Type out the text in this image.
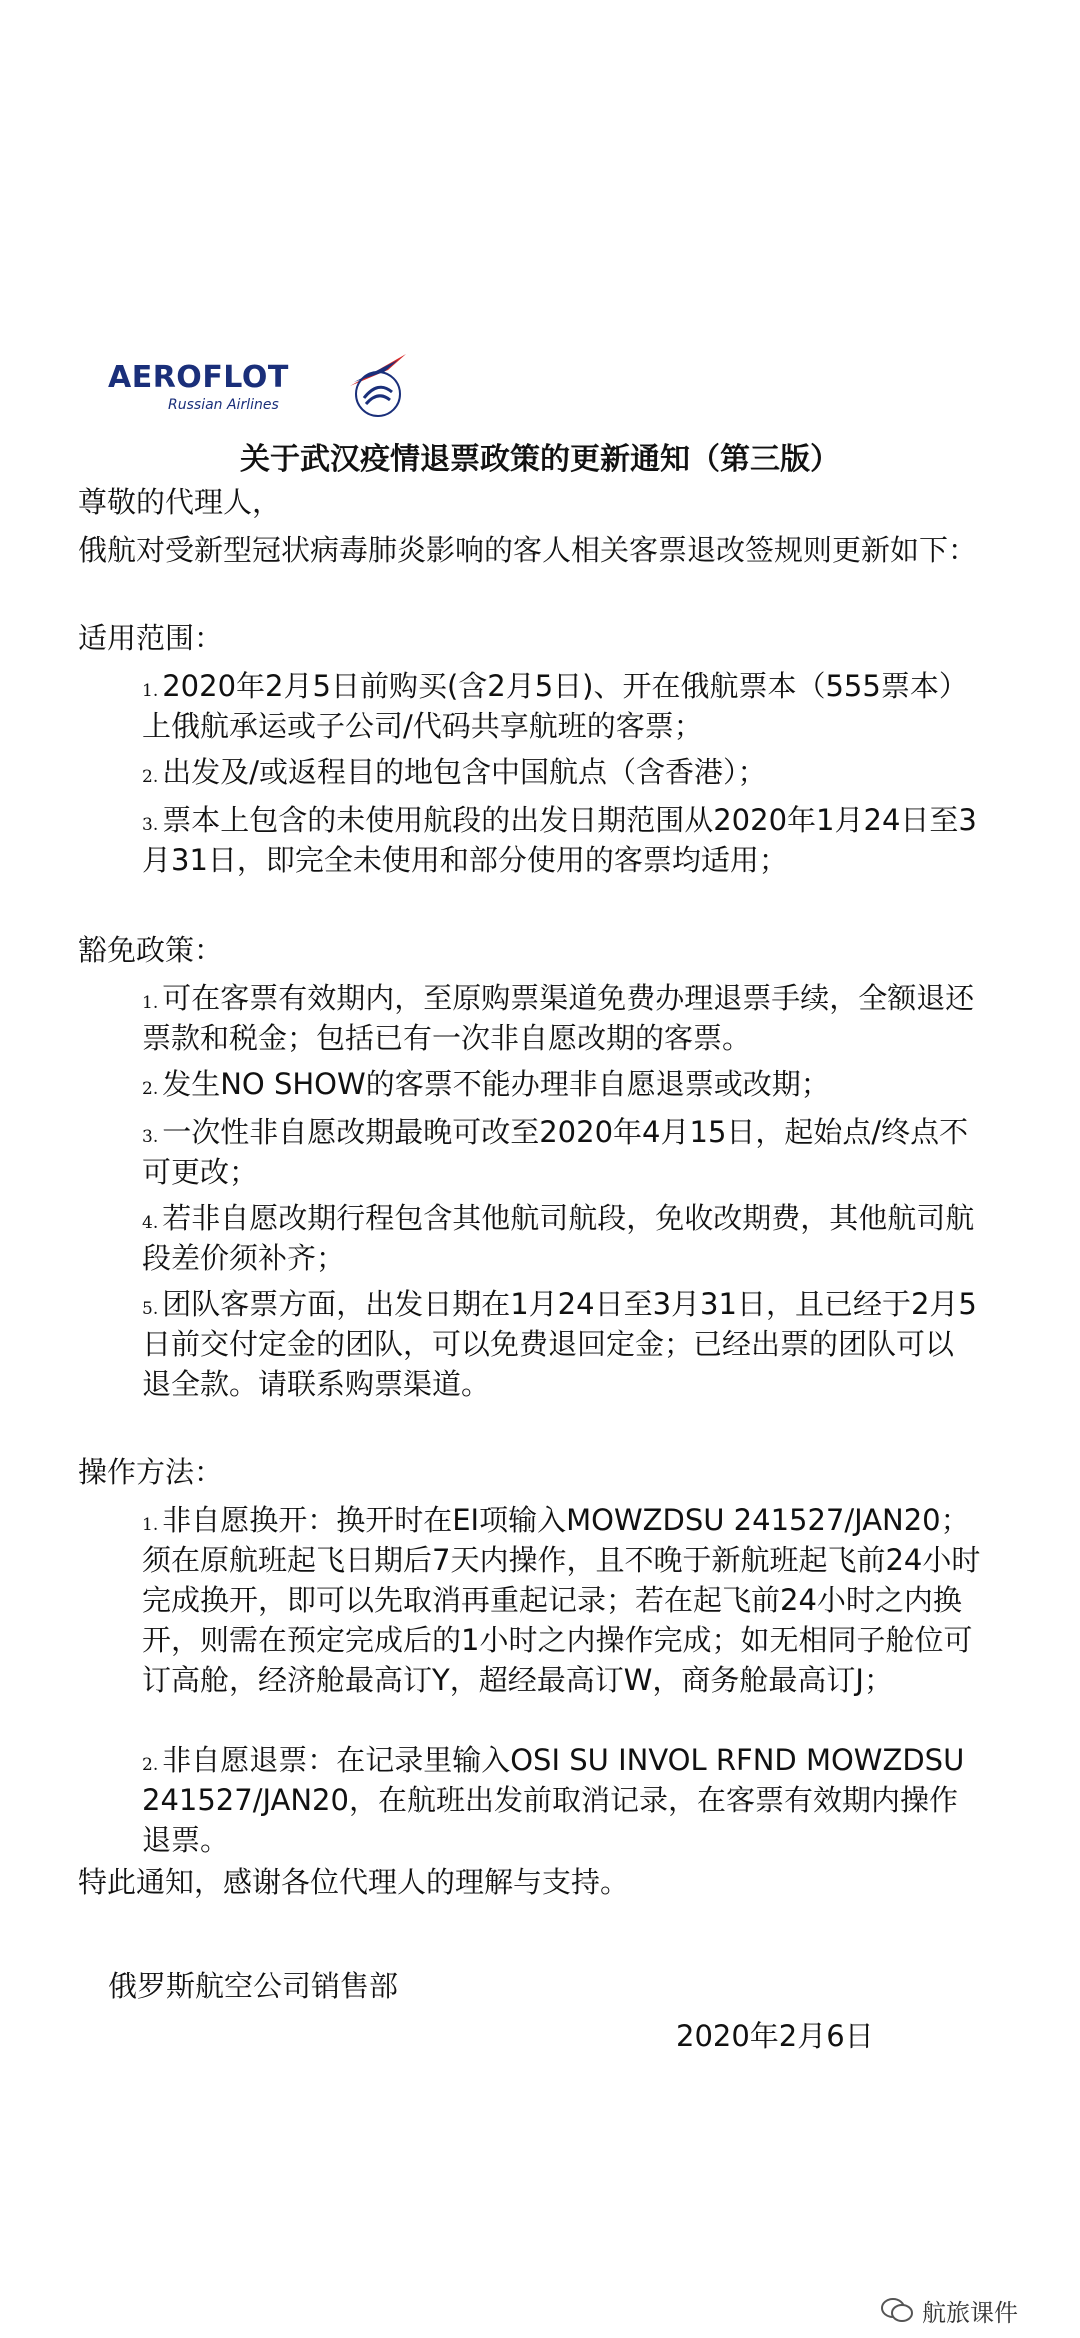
AEROFLOT
Russian Airlines
关于武汉疫情退票政策的更新通知（第三版）

尊敬的代理人，

俄航对受新型冠状病毒肺炎影响的客人相关客票退改签规则更新如下：

适用范围：

1. 2020年2月5日前购买(含2月5日)、开在俄航票本（555票本）上俄航承运或子公司/代码共享航班的客票；

2. 出发及/或返程目的地包含中国航点（含香港）；

3. 票本上包含的未使用航段的出发日期范围从2020年1月24日至3月31日，即完全未使用和部分使用的客票均适用；

豁免政策：

1. 可在客票有效期内，至原购票渠道免费办理退票手续，全额退还票款和税金；包括已有一次非自愿改期的客票。

2. 发生NO SHOW的客票不能办理非自愿退票或改期；

3. 一次性非自愿改期最晚可改至2020年4月15日，起始点/终点不可更改；

4. 若非自愿改期行程包含其他航司航段，免收改期费，其他航司航段差价须补齐；

5. 团队客票方面，出发日期在1月24日至3月31日，且已经于2月5日前交付定金的团队，可以免费退回定金；已经出票的团队可以退全款。请联系购票渠道。

操作方法：

1. 非自愿换开：换开时在EI项输入MOWZDSU 241527/JAN20；须在原航班起飞日期后7天内操作，且不晚于新航班起飞前24小时完成换开，即可以先取消再重起记录；若在起飞前24小时之内换开，则需在预定完成后的1小时之内操作完成；如无相同子舱位可订高舱，经济舱最高订Y，超经最高订W，商务舱最高订J；

2. 非自愿退票：在记录里输入OSI SU INVOL RFND MOWZDSU 241527/JAN20，在航班出发前取消记录，在客票有效期内操作退票。

特此通知，感谢各位代理人的理解与支持。

俄罗斯航空公司销售部

2020年2月6日

航旅课件
